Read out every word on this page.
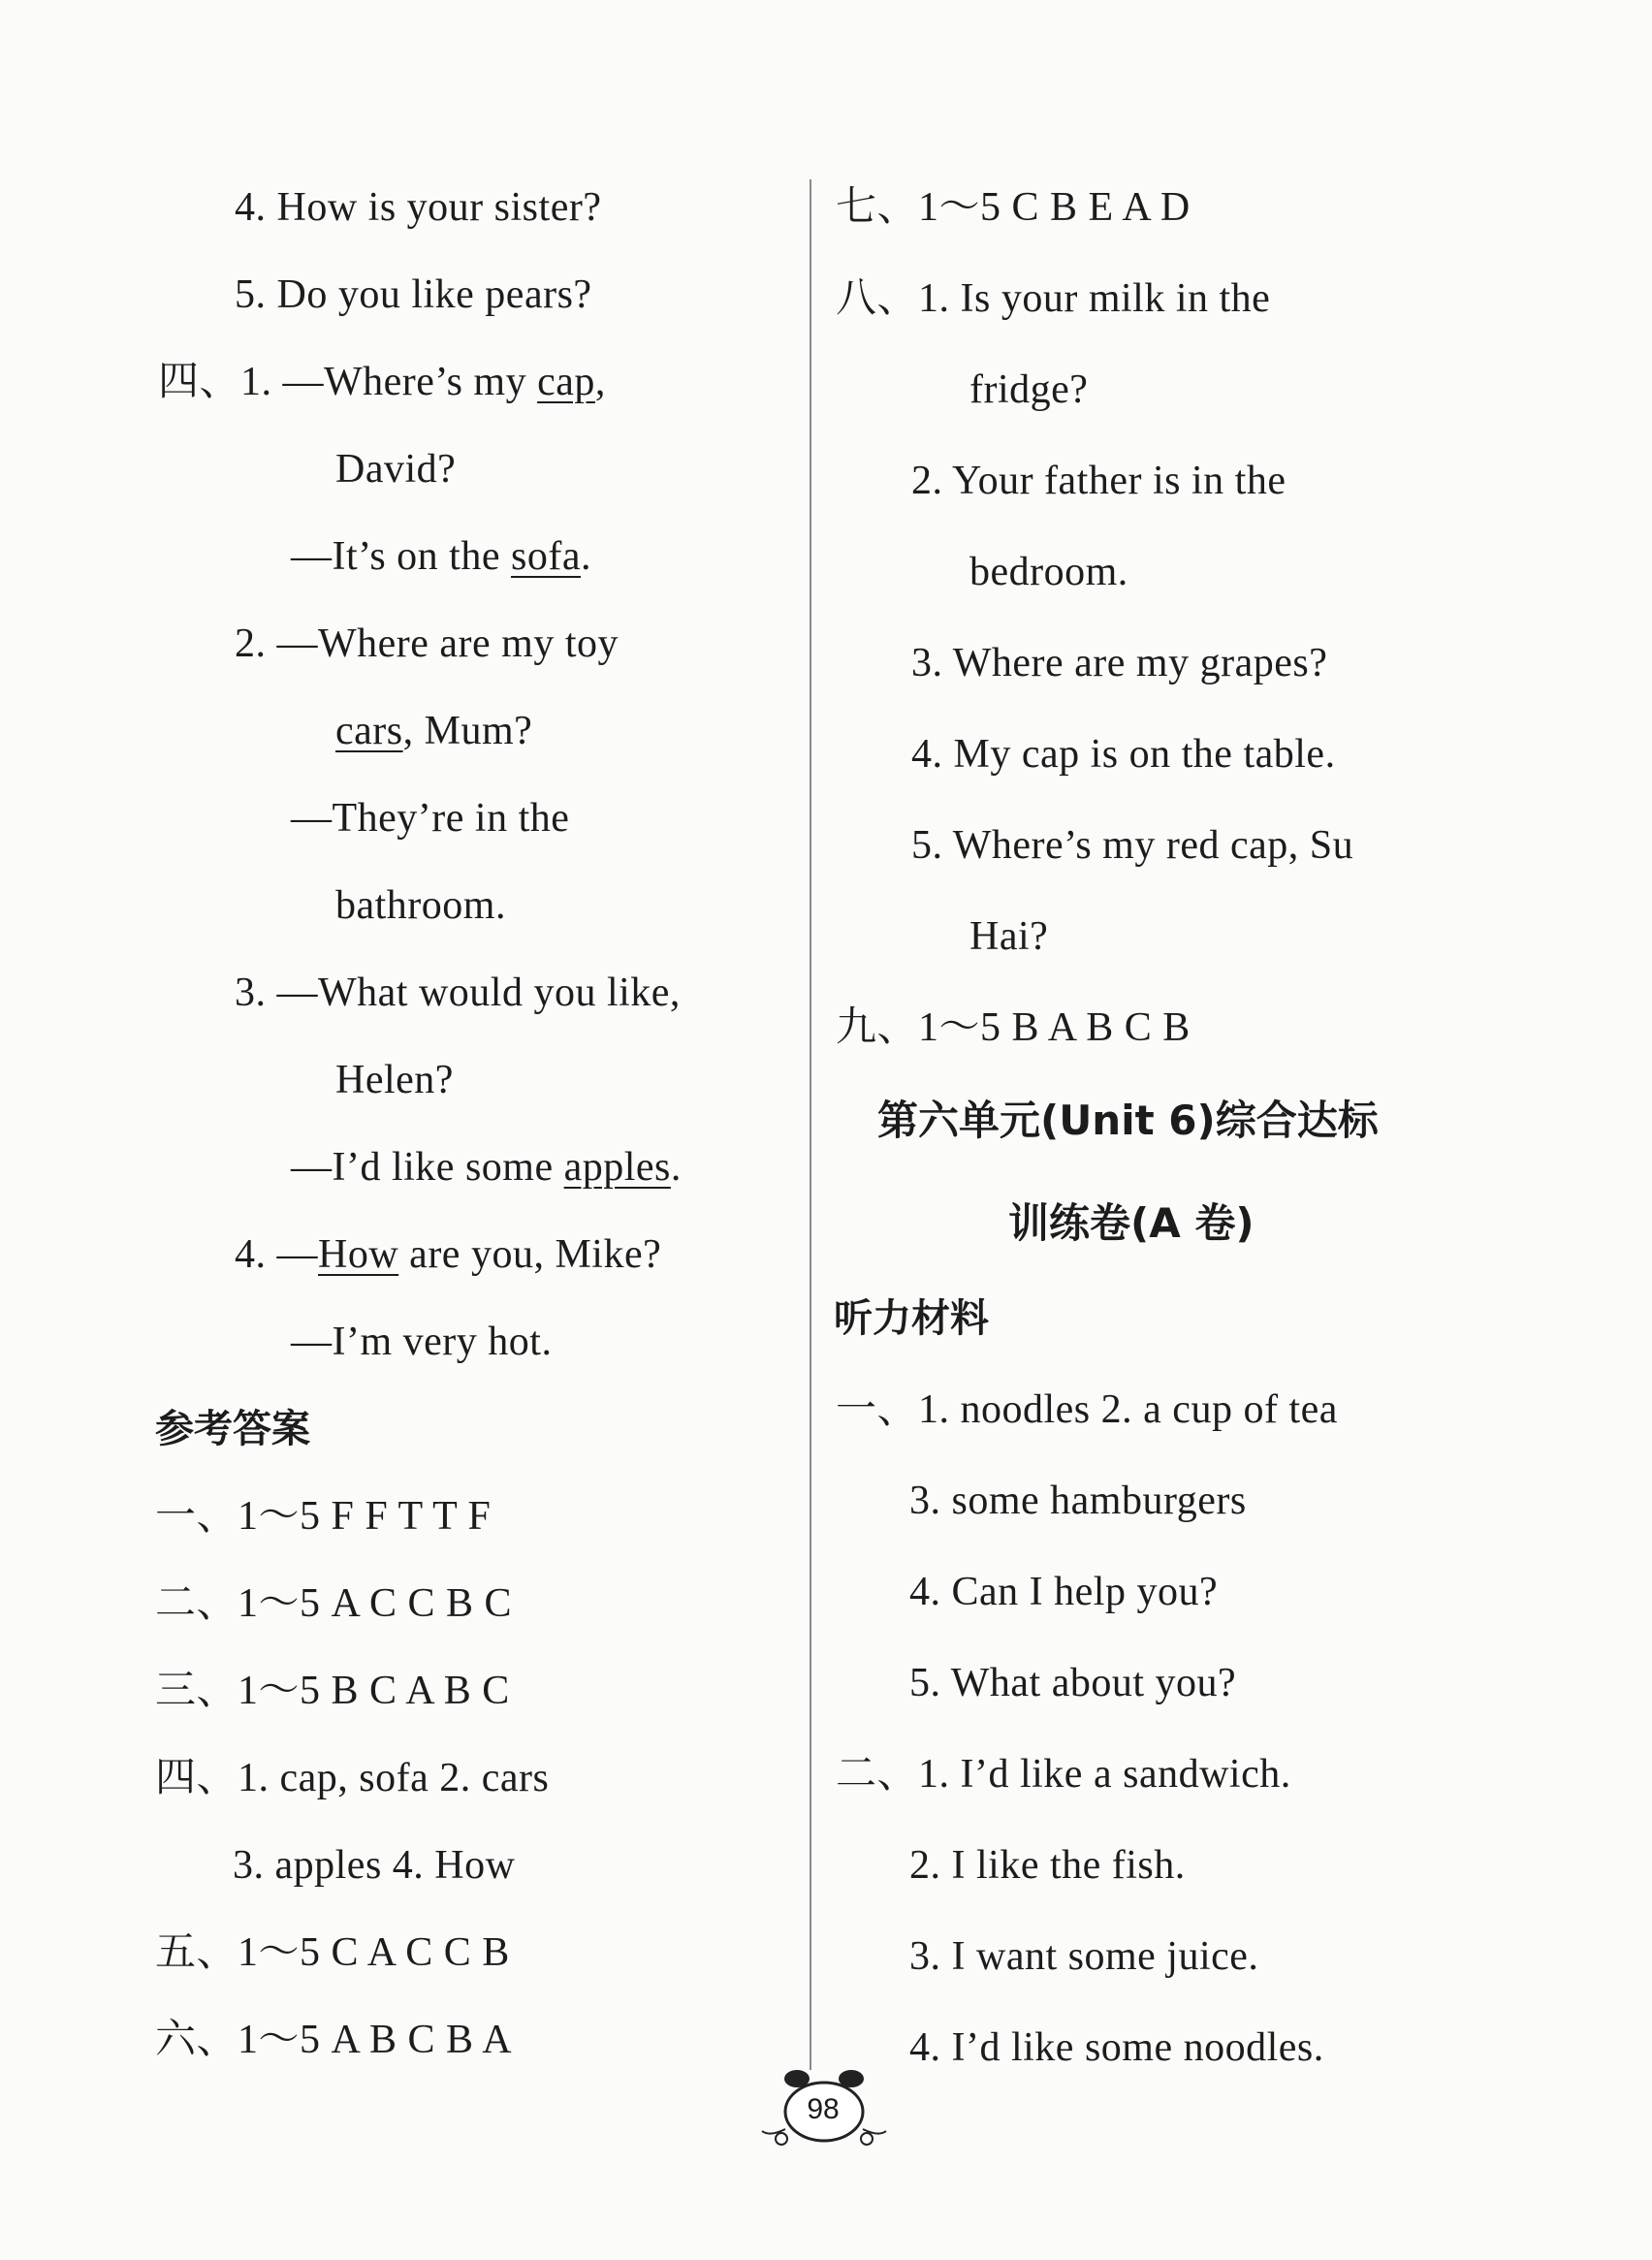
4. How is your sister?
5. Do you like pears?
四、1. —Where’s my cap,
David?
—It’s on the sofa.
2. —Where are my toy
cars, Mum?
—They’re in the
bathroom.
3. —What would you like,
Helen?
—I’d like some apples.
4. —How are you, Mike?
—I’m very hot.
参考答案
一、1～5 F F T T F
二、1～5 A C C B C
三、1～5 B C A B C
四、1. cap, sofa 2. cars
3. apples 4. How
五、1～5 C A C C B
六、1～5 A B C B A
七、1～5 C B E A D
八、1. Is your milk in the
fridge?
2. Your father is in the
bedroom.
3. Where are my grapes?
4. My cap is on the table.
5. Where’s my red cap, Su
Hai?
九、1～5 B A B C B
第六单元(Unit 6)综合达标
训练卷(A 卷)
听力材料
一、1. noodles 2. a cup of tea
3. some hamburgers
4. Can I help you?
5. What about you?
二、1. I’d like a sandwich.
2. I like the fish.
3. I want some juice.
4. I’d like some noodles.
98
